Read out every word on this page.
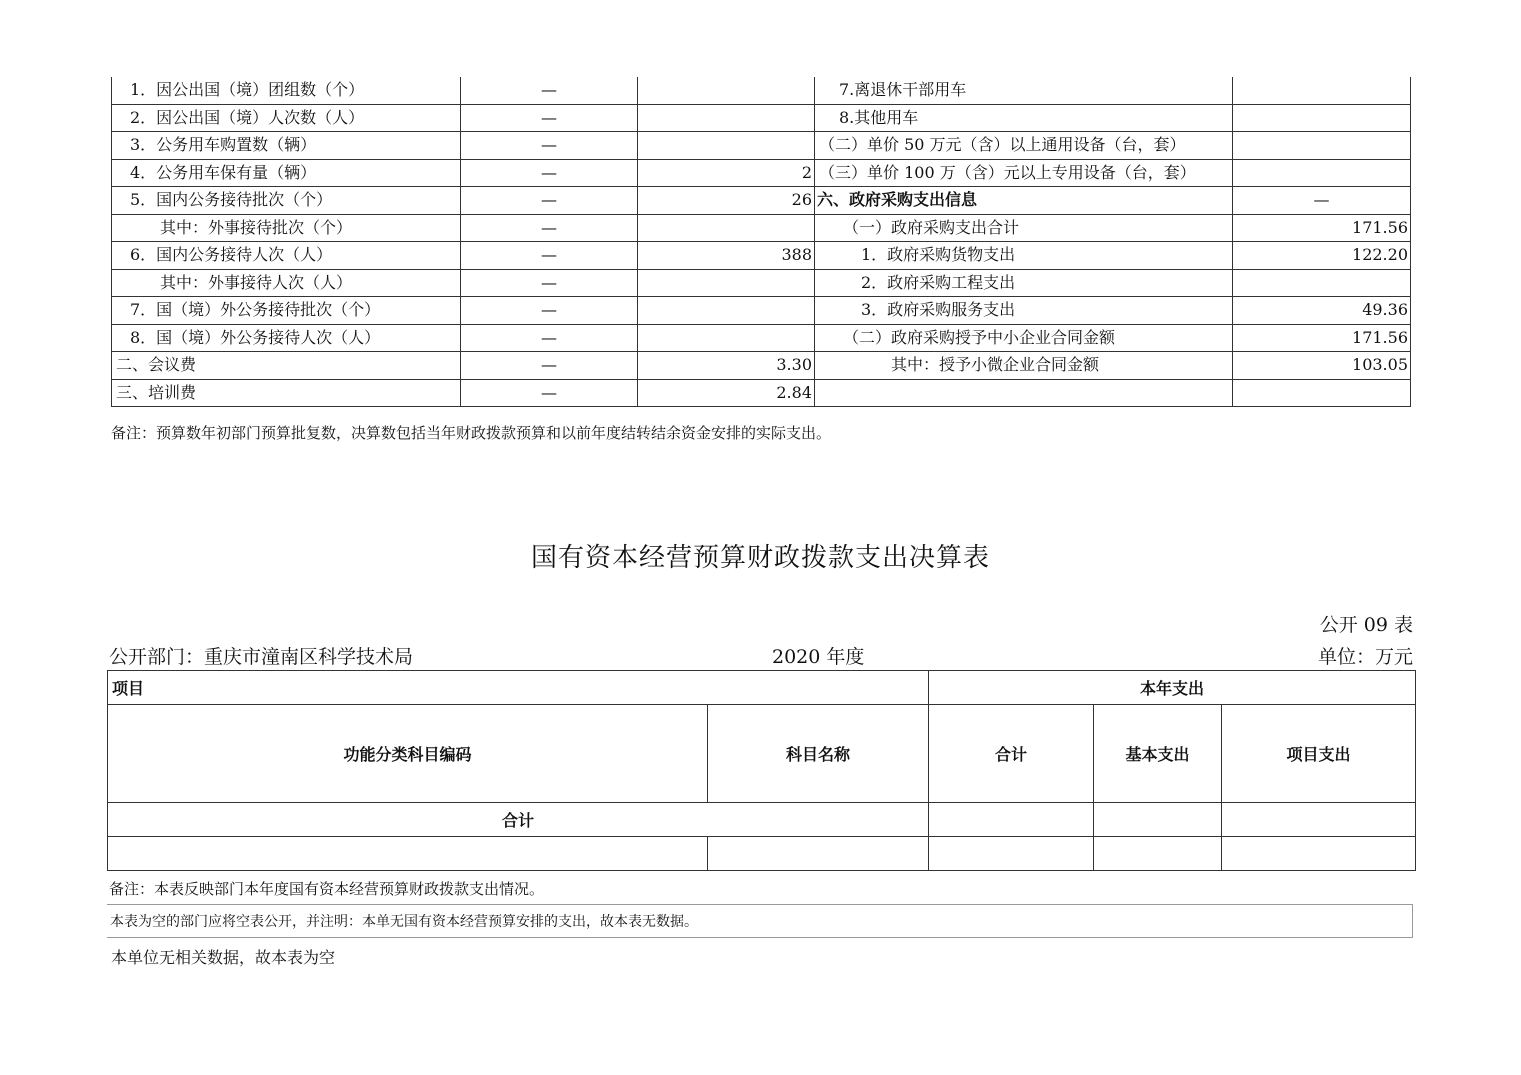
1．因公出国（境）团组数（个）	—		7.离退休干部用车	
2．因公出国（境）人次数（人）	—		8.其他用车	
3．公务用车购置数（辆）	—		（二）单价 50 万元（含）以上通用设备（台，套）	
4．公务用车保有量（辆）	—	2	（三）单价 100 万（含）元以上专用设备（台，套）	
5．国内公务接待批次（个）	—	26	六、政府采购支出信息	—
其中：外事接待批次（个）	—		（一）政府采购支出合计	171.56
6．国内公务接待人次（人）	—	388	1．政府采购货物支出	122.20
其中：外事接待人次（人）	—		2．政府采购工程支出	
7．国（境）外公务接待批次（个）	—		3．政府采购服务支出	49.36
8．国（境）外公务接待人次（人）	—		（二）政府采购授予中小企业合同金额	171.56
二、会议费	—	3.30	其中：授予小微企业合同金额	103.05
三、培训费	—	2.84		
备注：预算数年初部门预算批复数，决算数包括当年财政拨款预算和以前年度结转结余资金安排的实际支出。
国有资本经营预算财政拨款支出决算表
公开 09 表
公开部门：重庆市潼南区科学技术局	2020 年度	单位：万元
项目		本年支出		
功能分类科目编码	科目名称	合计	基本支出	项目支出
合计				

备注：本表反映部门本年度国有资本经营预算财政拨款支出情况。
本表为空的部门应将空表公开，并注明：本单无国有资本经营预算安排的支出，故本表无数据。
本单位无相关数据，故本表为空
